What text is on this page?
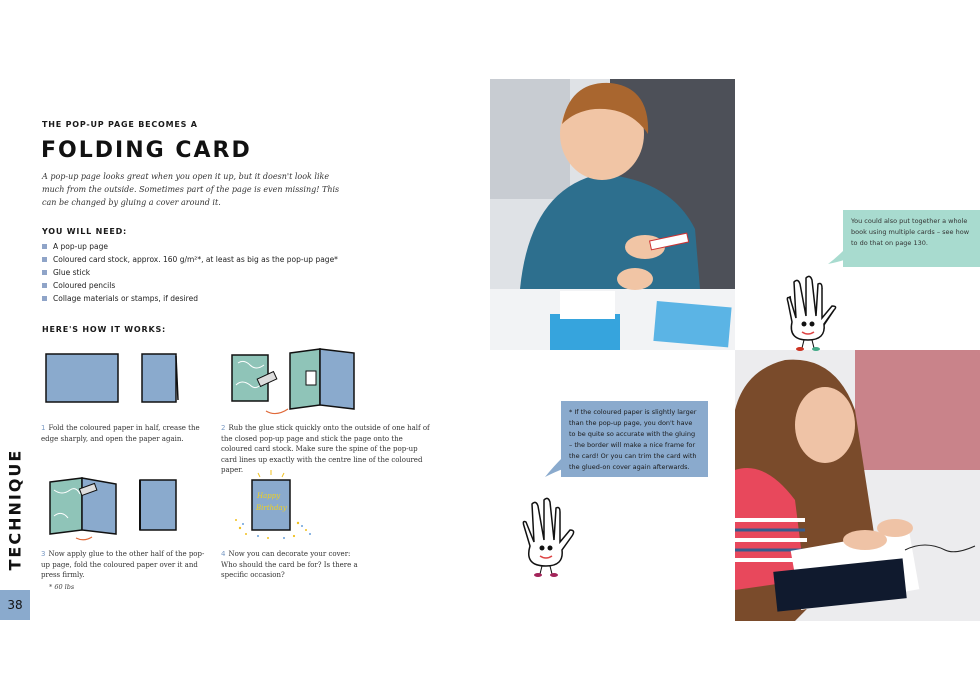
THE POP-UP PAGE BECOMES A
FOLDING CARD
A pop-up page looks great when you open it up, but it doesn't look like much from the outside. Sometimes part of the page is even missing! This can be changed by gluing a cover around it.
YOU WILL NEED:
A pop-up page
Coloured card stock, approx. 160 g/m²*, at least as big as the pop-up page*
Glue stick
Coloured pencils
Collage materials or stamps, if desired
HERE'S HOW IT WORKS:
Happy
Birthday
1 Fold the coloured paper in half, crease the edge sharply, and open the paper again.
2 Rub the glue stick quickly onto the outside of one half of the closed pop-up page and stick the page onto the coloured card stock. Make sure the spine of the pop-up card lines up exactly with the centre line of the coloured paper.
3 Now apply glue to the other half of the pop-up page, fold the coloured paper over it and press firmly.
4 Now you can decorate your cover: Who should the card be for? Is there a specific occasion?
* 60 lbs
TECHNIQUE
38
You could also put together a whole book using multiple cards – see how to do that on page 130.
* If the coloured paper is slightly larger than the pop-up page, you don't have to be quite so accurate with the gluing – the border will make a nice frame for the card! Or you can trim the card with the glued-on cover again afterwards.
